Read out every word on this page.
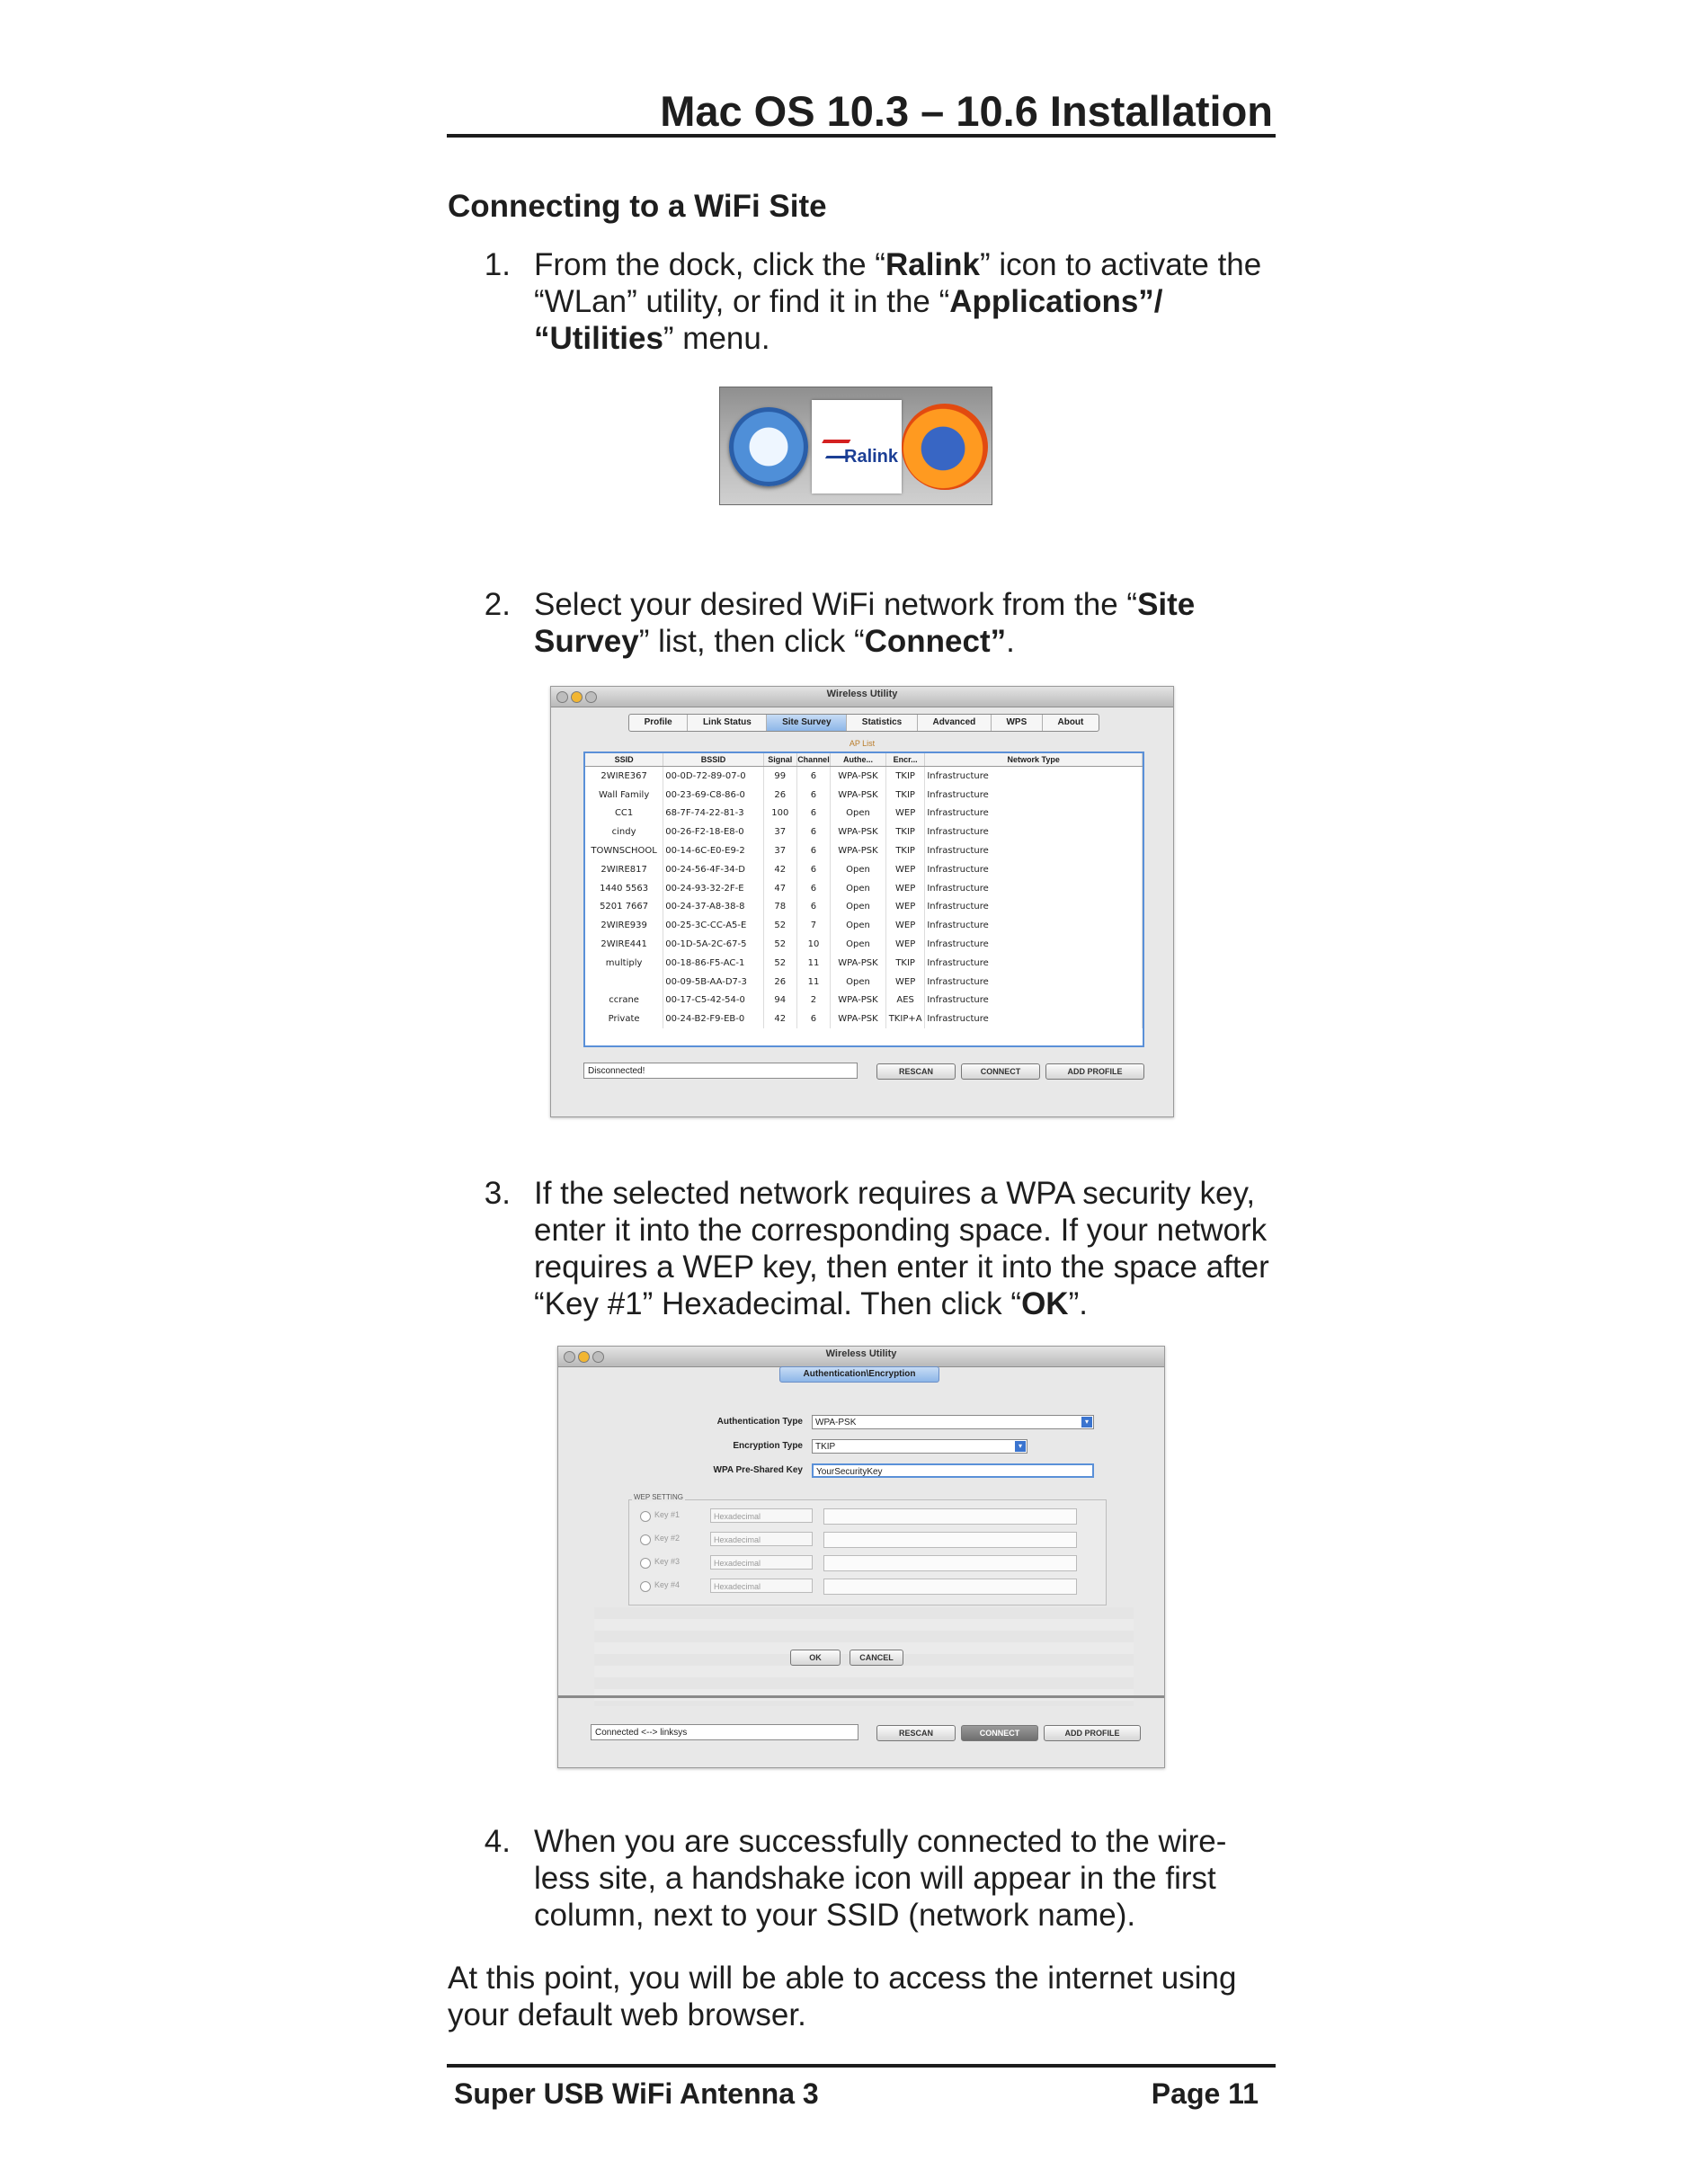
Mac OS 10.3 – 10.6 Installation
Connecting to a WiFi Site
1. From the dock, click the “Ralink” icon to activate the “WLan” utility, or find it in the “Applications”/ “Utilities” menu.
Ralink
2. Select your desired WiFi network from the “Site Survey” list, then click “Connect”.
Wireless Utility
Profile	Link Status	Site Survey	Statistics	Advanced	WPS	About
AP List
SSID	BSSID	Signal	Channel	Authe...	Encr...	Network Type
2WIRE367	00-0D-72-89-07-0	99	6	WPA-PSK	TKIP	Infrastructure
Wall Family	00-23-69-C8-86-0	26	6	WPA-PSK	TKIP	Infrastructure
CC1	68-7F-74-22-81-3	100	6	Open	WEP	Infrastructure
cindy	00-26-F2-18-E8-0	37	6	WPA-PSK	TKIP	Infrastructure
TOWNSCHOOL	00-14-6C-E0-E9-2	37	6	WPA-PSK	TKIP	Infrastructure
2WIRE817	00-24-56-4F-34-D	42	6	Open	WEP	Infrastructure
1440 5563	00-24-93-32-2F-E	47	6	Open	WEP	Infrastructure
5201 7667	00-24-37-A8-38-8	78	6	Open	WEP	Infrastructure
2WIRE939	00-25-3C-CC-A5-E	52	7	Open	WEP	Infrastructure
2WIRE441	00-1D-5A-2C-67-5	52	10	Open	WEP	Infrastructure
multiply	00-18-86-F5-AC-1	52	11	WPA-PSK	TKIP	Infrastructure
	00-09-5B-AA-D7-3	26	11	Open	WEP	Infrastructure
ccrane	00-17-C5-42-54-0	94	2	WPA-PSK	AES	Infrastructure
Private	00-24-B2-F9-EB-0	42	6	WPA-PSK	TKIP+A	Infrastructure
Disconnected!	RESCAN	CONNECT	ADD PROFILE
3. If the selected network requires a WPA security key, enter it into the corresponding space. If your network requires a WEP key, then enter it into the space after “Key #1” Hexadecimal. Then click “OK”.
Wireless Utility
Authentication\Encryption
Authentication Type	WPA-PSK	▾
Encryption Type	TKIP	▾
WPA Pre-Shared Key	YourSecurityKey
Key #1	Hexadecimal
Key #2	Hexadecimal
Key #3	Hexadecimal
Key #4	Hexadecimal
WEP SETTING
OK	CANCEL
Connected <--> linksys	RESCAN	CONNECT	ADD PROFILE
4. When you are successfully connected to the wire-less site, a handshake icon will appear in the first column, next to your SSID (network name).
At this point, you will be able to access the internet using your default web browser.
Super USB WiFi Antenna 3	Page 11
